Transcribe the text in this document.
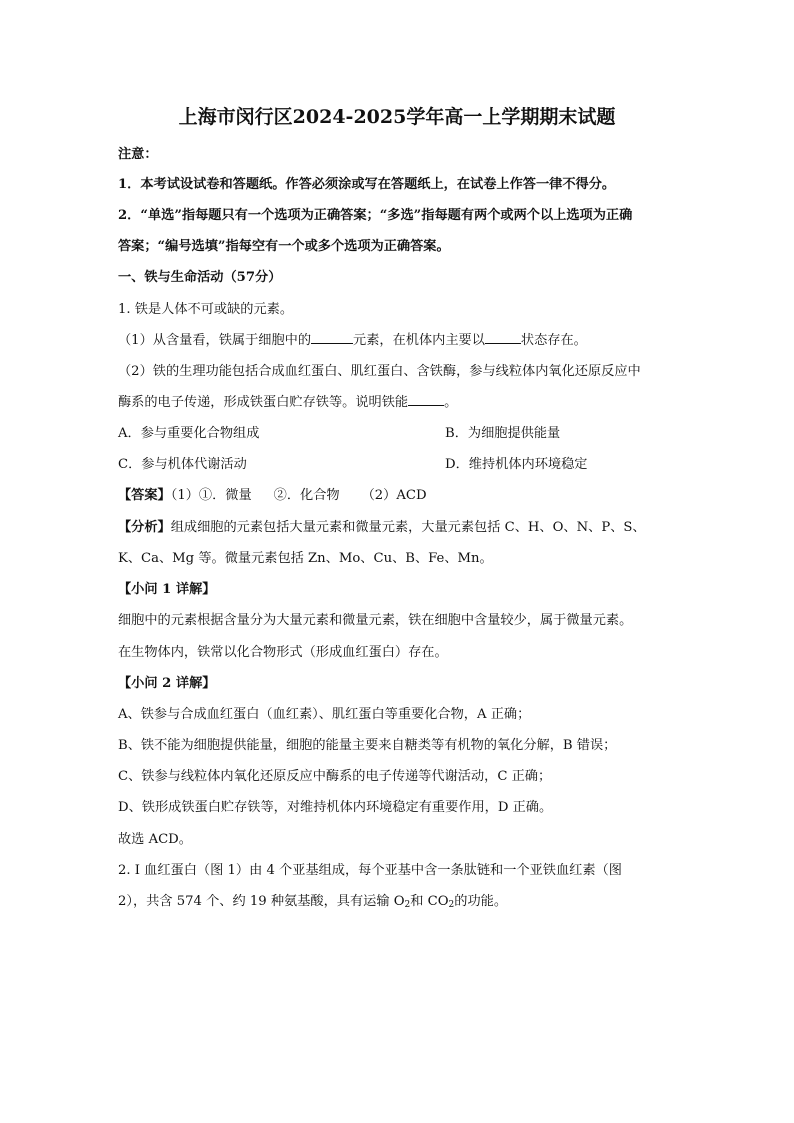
上海市闵行区2024-2025学年高一上学期期末试题
注意：
1．本考试设试卷和答题纸。作答必须涂或写在答题纸上，在试卷上作答一律不得分。
2．“单选”指每题只有一个选项为正确答案；“多选”指每题有两个或两个以上选项为正确
答案；“编号选填”指每空有一个或多个选项为正确答案。
一、铁与生命活动（57分）
1. 铁是人体不可或缺的元素。
（1）从含量看，铁属于细胞中的	元素，在机体内主要以	状态存在。
（2）铁的生理功能包括合成血红蛋白、肌红蛋白、含铁酶，参与线粒体内氧化还原反应中
酶系的电子传递，形成铁蛋白贮存铁等。说明铁能	。
A．参与重要化合物组成	B．为细胞提供能量
C．参与机体代谢活动	D．维持机体内环境稳定
【答案】（1）①．微量 ②．化合物 （2）ACD
【分析】组成细胞的元素包括大量元素和微量元素，大量元素包括 C、H、O、N、P、S、
K、Ca、Mg 等。微量元素包括 Zn、Mo、Cu、B、Fe、Mn。
【小问 1 详解】
细胞中的元素根据含量分为大量元素和微量元素，铁在细胞中含量较少，属于微量元素。
在生物体内，铁常以化合物形式（形成血红蛋白）存在。
【小问 2 详解】
A、铁参与合成血红蛋白（血红素）、肌红蛋白等重要化合物，A 正确；
B、铁不能为细胞提供能量，细胞的能量主要来自糖类等有机物的氧化分解，B 错误；
C、铁参与线粒体内氧化还原反应中酶系的电子传递等代谢活动，C 正确；
D、铁形成铁蛋白贮存铁等，对维持机体内环境稳定有重要作用，D 正确。
故选 ACD。
2. I 血红蛋白（图 1）由 4 个亚基组成，每个亚基中含一条肽链和一个亚铁血红素（图
2），共含 574 个、约 19 种氨基酸，具有运输 $O_2$和 $CO_2$的功能。
